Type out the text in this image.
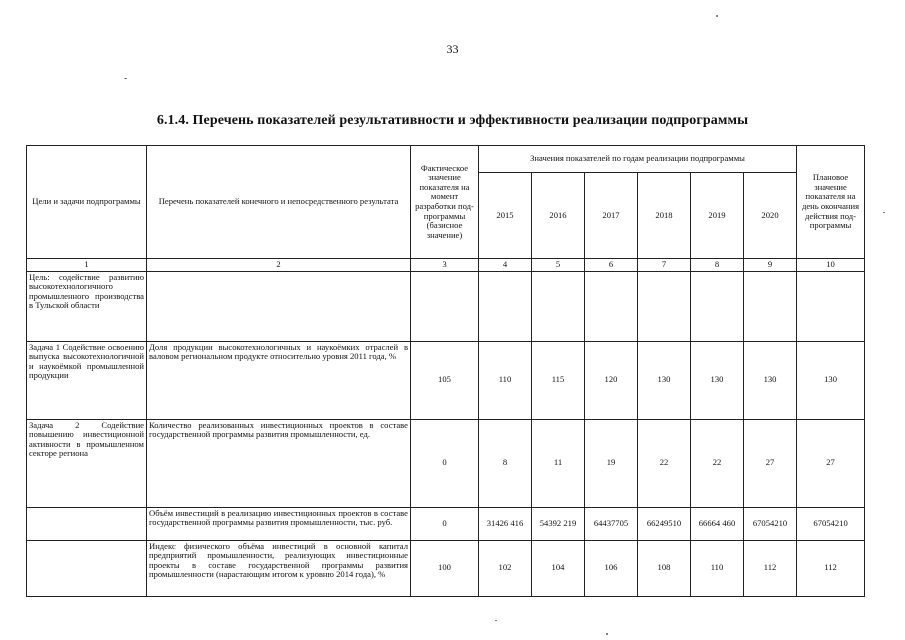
33
6.1.4. Перечень показателей результативности и эффективности реализации подпрограммы
Цели и задачи подпрограммы	Перечень показателей конечного и непосредственного результата	Фактическое значение показателя на момент разработки под-программы (базисное значение)	Значения показателей по годам реализации подпрограммы						Плановое значение показателя на день окончания действия под-программы
			2015	2016	2017	2018	2019	2020	
1	2	3	4	5	6	7	8	9	10
Цель: содействие развитию высокотехнологичного промышленного производства в Тульской области									
Задача 1 Содействие освоению выпуска высокотехнологичной и наукоёмкой промышленной продукции	Доля продукции высокотехнологичных и наукоёмких отраслей в валовом региональном продукте относительно уровня 2011 года, %	105	110	115	120	130	130	130	130
Задача 2 Содействие повышению инвестиционной активности в промышленном секторе региона	Количество реализованных инвестиционных проектов в составе государственной программы развития промышленности, ед.	0	8	11	19	22	22	27	27
	Объём инвестиций в реализацию инвестиционных проектов в составе государственной программы развития промышленности, тыс. руб.	0	31426 416	54392 219	64437705	66249510	66664 460	67054210	67054210
	Индекс физического объёма инвестиций в основной капитал предприятий промышленности, реализующих инвестиционные проекты в составе государственной программы развития промышленности (нарастающим итогом к уровню 2014 года), %	100	102	104	106	108	110	112	112
